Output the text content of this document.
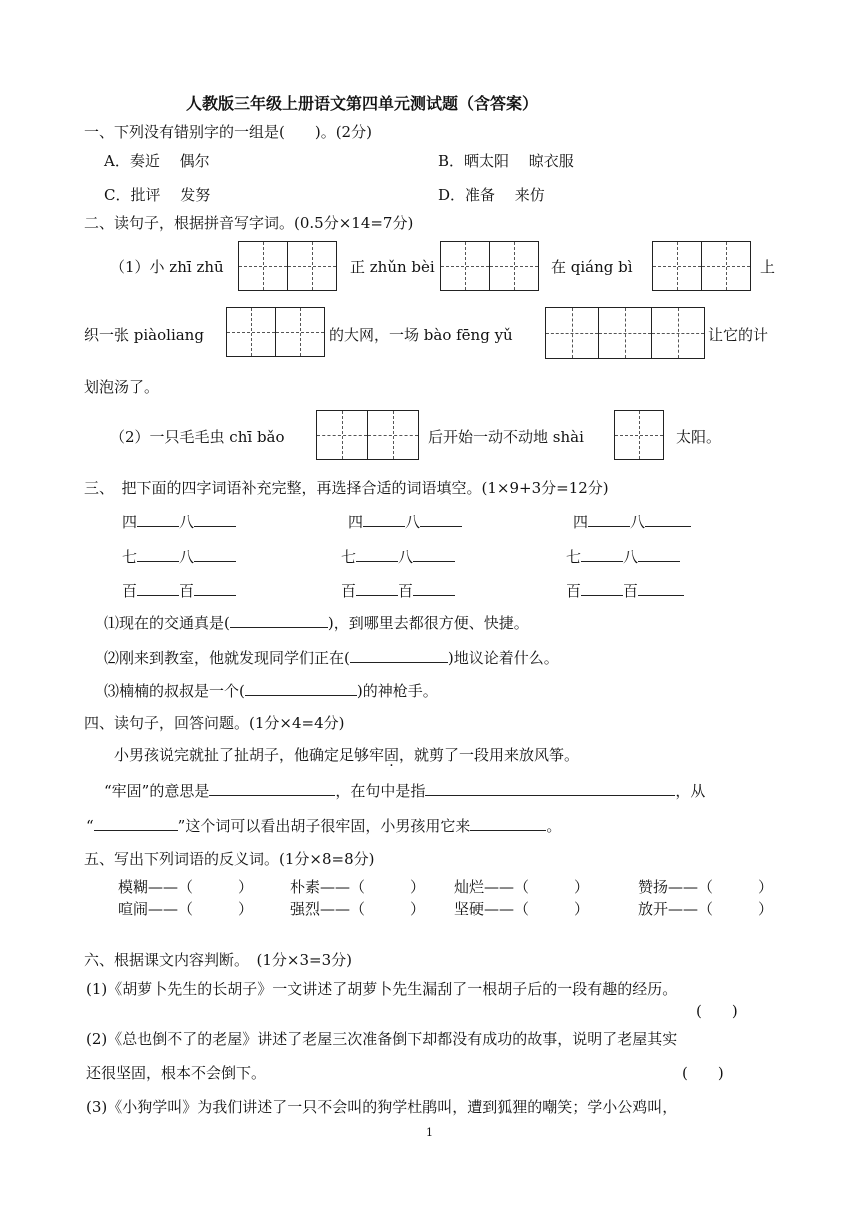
人教版三年级上册语文第四单元测试题（含答案）
一、下列没有错别字的一组是(　　)。(2分)
A．奏近　 偶尔	B．晒太阳　 晾衣服
C．批评　 发努	D．准备　 来仿
二、读句子，根据拼音写字词。(0.5分×14=7分)
（1）小 zhī zhū	正 zhǔn bèi	在 qiáng bì	上
织一张 piàoliang	的大网，一场 bào fēng yǔ	让它的计
划泡汤了。
（2）一只毛毛虫 chī bǎo	后开始一动不动地 shài	太阳。
三、　把下面的四字词语补充完整，再选择合适的词语填空。(1×9+3分=12分)
四	八	四	八	四	八
七	八	七	八	七	八
百	百	百	百	百	百
⑴现在的交通真是(	)，到哪里去都很方便、快捷。
⑵刚来到教室，他就发现同学们正在(	)地议论着什么。
⑶楠楠的叔叔是一个(	)的神枪手。
四、读句子，回答问题。(1分×4=4分)
小男孩说完就扯了扯胡子，他确定足够牢固，就剪了一段用来放风筝。
“牢固”的意思是	，在句中是指	，从
“	”这个词可以看出胡子很牢固，小男孩用它来	。
五、写出下列词语的反义词。(1分×8=8分)
模糊——（　　　） 朴素——（　　　） 灿烂——（　　　）	赞扬——（　　　）
喧闹——（　　　） 强烈——（　　　） 坚硬——（　　　）	放开——（　　　）
六、根据课文内容判断。　(1分×3=3分)
(1)《胡萝卜先生的长胡子》一文讲述了胡萝卜先生漏刮了一根胡子后的一段有趣的经历。
(　　)
(2)《总也倒不了的老屋》讲述了老屋三次准备倒下却都没有成功的故事，说明了老屋其实
还很坚固，根本不会倒下。	(　　)
(3)《小狗学叫》为我们讲述了一只不会叫的狗学杜鹃叫，遭到狐狸的嘲笑；学小公鸡叫，
1
